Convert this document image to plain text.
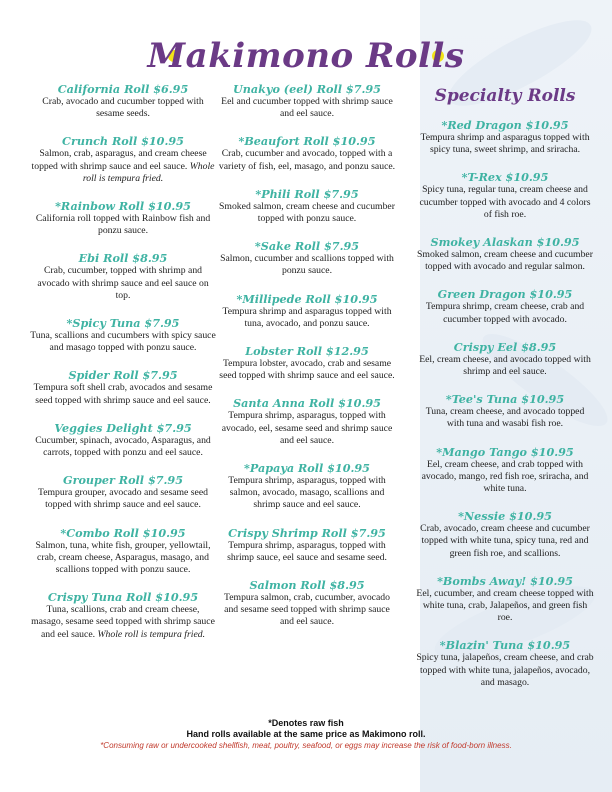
Makimono Rolls
California Roll $6.95
Crab, avocado and cucumber topped with sesame seeds.
Crunch Roll $10.95
Salmon, crab, asparagus, and cream cheese topped with shrimp sauce and eel sauce. Whole roll is tempura fried.
*Rainbow Roll $10.95
California roll topped with Rainbow fish and ponzu sauce.
Ebi Roll $8.95
Crab, cucumber, topped with shrimp and avocado with shrimp sauce and eel sauce on top.
*Spicy Tuna $7.95
Tuna, scallions and cucumbers with spicy sauce and masago topped with ponzu sauce.
Spider Roll $7.95
Tempura soft shell crab, avocados and sesame seed topped with shrimp sauce and eel sauce.
Veggies Delight $7.95
Cucumber, spinach, avocado, Asparagus, and carrots, topped with ponzu and eel sauce.
Grouper Roll $7.95
Tempura grouper, avocado and sesame seed topped with shrimp sauce and eel sauce.
*Combo Roll $10.95
Salmon, tuna, white fish, grouper, yellowtail, crab, cream cheese, Asparagus, masago, and scallions topped with ponzu sauce.
Crispy Tuna Roll $10.95
Tuna, scallions, crab and cream cheese, masago, sesame seed topped with shrimp sauce and eel sauce. Whole roll is tempura fried.
Unakyo (eel) Roll $7.95
Eel and cucumber topped with shrimp sauce and eel sauce.
*Beaufort Roll $10.95
Crab, cucumber and avocado, topped with a variety of fish, eel, masago, and ponzu sauce.
*Phili Roll $7.95
Smoked salmon, cream cheese and cucumber topped with ponzu sauce.
*Sake Roll $7.95
Salmon, cucumber and scallions topped with ponzu sauce.
*Millipede Roll $10.95
Tempura shrimp and asparagus topped with tuna, avocado, and ponzu sauce.
Lobster Roll $12.95
Tempura lobster, avocado, crab and sesame seed topped with shrimp sauce and eel sauce.
Santa Anna Roll $10.95
Tempura shrimp, asparagus, topped with avocado, eel, sesame seed and shrimp sauce and eel sauce.
*Papaya Roll $10.95
Tempura shrimp, asparagus, topped with salmon, avocado, masago, scallions and shrimp sauce and eel sauce.
Crispy Shrimp Roll $7.95
Tempura shrimp, asparagus, topped with shrimp sauce, eel sauce and sesame seed.
Salmon Roll $8.95
Tempura salmon, crab, cucumber, avocado and sesame seed topped with shrimp sauce and eel sauce.
Specialty Rolls
*Red Dragon $10.95
Tempura shrimp and asparagus topped with spicy tuna, sweet shrimp, and sriracha.
*T-Rex $10.95
Spicy tuna, regular tuna, cream cheese and cucumber topped with avocado and 4 colors of fish roe.
Smokey Alaskan $10.95
Smoked salmon, cream cheese and cucumber topped with avocado and regular salmon.
Green Dragon $10.95
Tempura shrimp, cream cheese, crab and cucumber topped with avocado.
Crispy Eel $8.95
Eel, cream cheese, and avocado topped with shrimp and eel sauce.
*Tee's Tuna $10.95
Tuna, cream cheese, and avocado topped with tuna and wasabi fish roe.
*Mango Tango $10.95
Eel, cream cheese, and crab topped with avocado, mango, red fish roe, sriracha, and white tuna.
*Nessie $10.95
Crab, avocado, cream cheese and cucumber topped with white tuna, spicy tuna, red and green fish roe, and scallions.
*Bombs Away! $10.95
Eel, cucumber, and cream cheese topped with white tuna, crab, Jalapeños, and green fish roe.
*Blazin' Tuna $10.95
Spicy tuna, jalapeños, cream cheese, and crab topped with white tuna, jalapeños, avocado, and masago.
*Denotes raw fish
Hand rolls available at the same price as Makimono roll.
*Consuming raw or undercooked shellfish, meat, poultry, seafood, or eggs may increase the risk of food-born illness.
